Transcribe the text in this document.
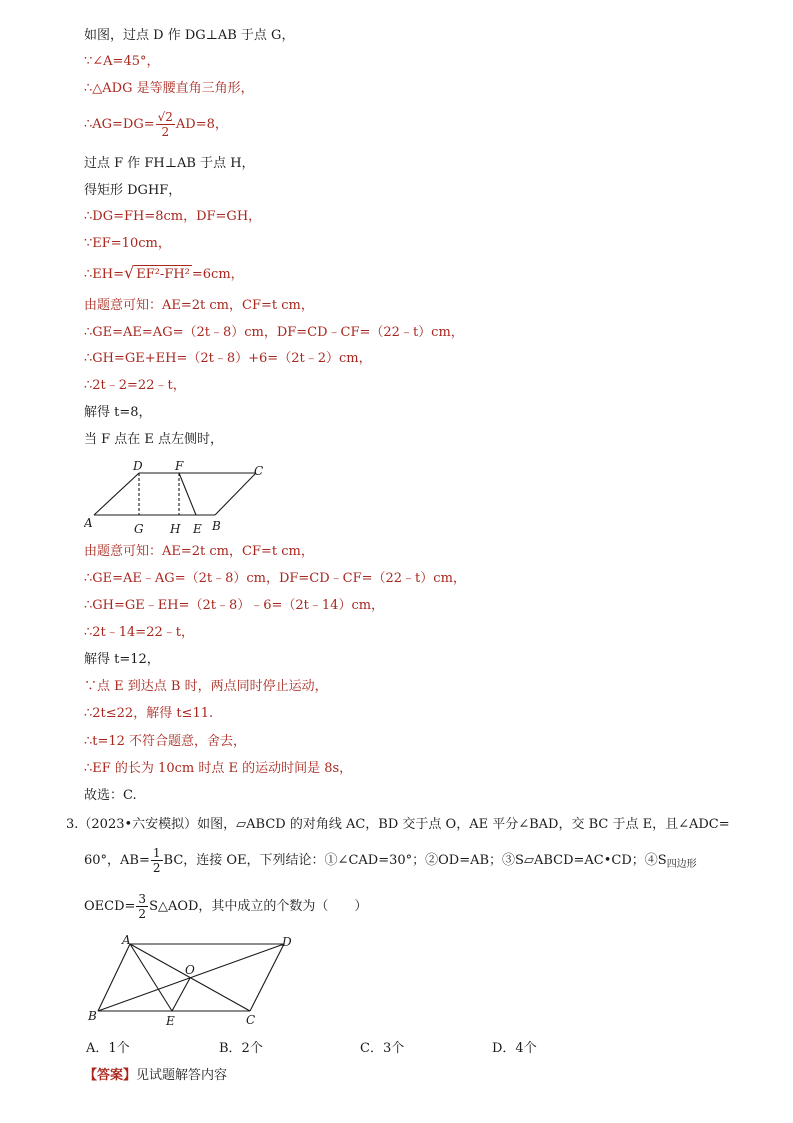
如图，过点 D 作 DG⊥AB 于点 G，
∵∠A=45°，
∴△ADG 是等腰直角三角形，
∴AG=DG= $\frac{√2}{2} AD=8$，
过点 F 作 FH⊥AB 于点 H，
得矩形 DGHF，
∴DG=FH=8cm，DF=GH，
∵EF=10cm，
∴EH=√ EF²-FH² =6cm，
由题意可知：AE=2t cm，CF=t cm，
∴GE=AE=AG=（2t﹣8）cm，DF=CD﹣CF=（22﹣t）cm，
∴GH=GE+EH=（2t﹣8）+6=（2t﹣2）cm，
∴2t﹣2=22﹣t，
解得 t=8，
当 F 点在 E 点左侧时，
D	F	C
A	G H E B
由题意可知：AE=2t cm，CF=t cm，
∴GE=AE﹣AG=（2t﹣8）cm，DF=CD﹣CF=（22﹣t）cm，
∴GH=GE﹣EH=（2t﹣8）﹣6=（2t﹣14）cm，
∴2t﹣14=22﹣t，
解得 t=12，
∵点 E 到达点 B 时，两点同时停止运动，
∴2t≤22，解得 t≤11.
∴t=12 不符合题意，舍去，
∴EF 的长为 10cm 时点 E 的运动时间是 8s，
故选：C.
3.（2023•六安模拟）如图，▱ABCD 的对角线 AC，BD 交于点 O，AE 平分∠BAD，交 BC 于点 E，且∠ADC=
60°，$AB= \frac{1}{2}$ BC，连接 OE，下列结论：①∠CAD=30°；②OD=AB；③S▱ABCD=AC•CD；$④S_{四边形}$
OECD= $\frac{3}{2}$ S△AOD，其中成立的个数为（　　）
A	D
O
B	E	C
A．1个	B．2个	C．3个	D．4个
【答案】见试题解答内容
